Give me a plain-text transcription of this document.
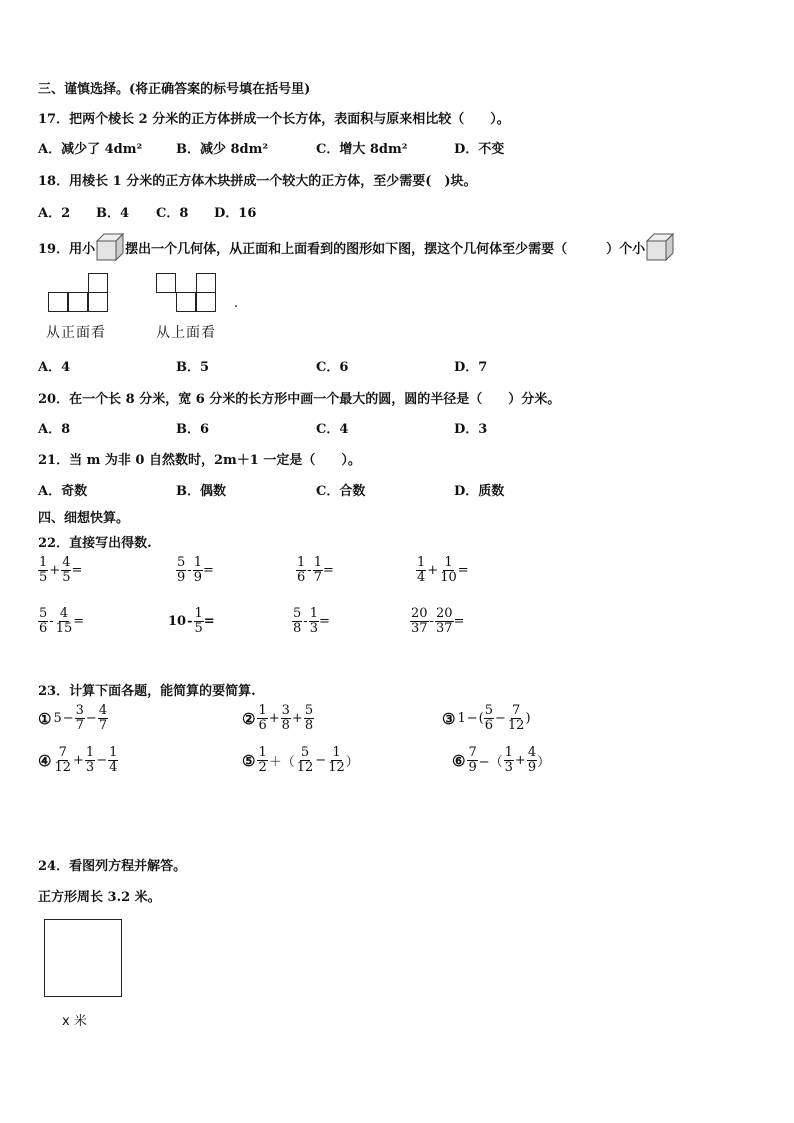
三、谨慎选择。(将正确答案的标号填在括号里)
17．把两个棱长 2 分米的正方体拼成一个长方体，表面积与原来相比较（　　）。
A．减少了 4dm²	B．减少 8dm²	C．增大 8dm²	D．不变
18．用棱长 1 分米的正方体木块拼成一个较大的正方体，至少需要(　)块。
A．2 B．4 C．8 D．16
19．用小 摆出一个几何体，从正面和上面看到的图形如下图，摆这个几何体至少需要（　　　）个小
.
从正面看	从上面看
A．4	B．5	C．6	D．7
20．在一个长 8 分米，宽 6 分米的长方形中画一个最大的圆，圆的半径是（　　）分米。
A．8	B．6	C．4	D．3
21．当 m 为非 0 自然数时，2m＋1 一定是（　　）。
A．奇数	B．偶数	C．合数	D．质数
四、细想快算。
22．直接写出得数.
$\frac{1}{5} + \frac{4}{5}$ =	$\frac{5}{9} - \frac{1}{9}$ =	$\frac{1}{6} - \frac{1}{7}$ =	$\frac{1}{4} + \frac{1}{10}$ =
$\frac{5}{6} - \frac{4}{15}$ =	$10 - \frac{1}{5}$ =	$\frac{5}{8} - \frac{1}{3}$ =	$\frac{20}{37} - \frac{20}{37}$ =
23．计算下面各题，能简算的要简算.
① $5 - \frac{3}{7} - \frac{4}{7}$	② $\frac{1}{6} + \frac{3}{8} + \frac{5}{8}$	③ 1 − ( $\frac{5}{6} - \frac{7}{12}$ )
④ $\frac{7}{12} + \frac{1}{3} - \frac{1}{4}$	⑤ $\frac{1}{2}$ ＋（ $\frac{5}{12} - \frac{1}{12}$ ）	⑥ $\frac{7}{9}$ −（ $\frac{1}{3} + \frac{4}{9}$ ）
24．看图列方程并解答。
正方形周长 3.2 米。
x 米
